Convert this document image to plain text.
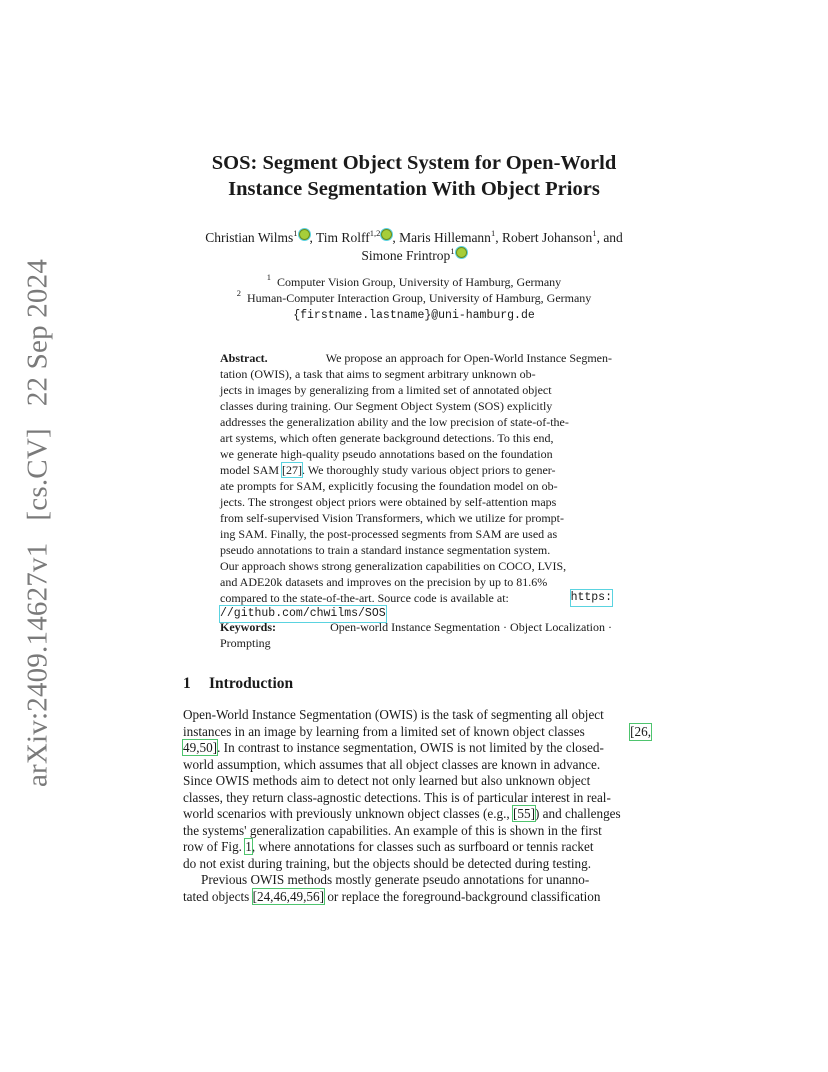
arXiv:2409.14627v1[cs.CV]22 Sep 2024
SOS: Segment Object System for Open-World
Instance Segmentation With Object Priors
Christian Wilms$^1$ , Tim Rolff$^{1,2}$ , Maris Hillemann$^1$, Robert Johanson$^1$, and
Simone Frintrop$^1$
$^1$ Computer Vision Group, University of Hamburg, Germany
$^2$ Human-Computer Interaction Group, University of Hamburg, Germany
{firstname.lastname}@uni-hamburg.de
Abstract.	We propose an approach for Open-World Instance Segmen-
tation (OWIS), a task that aims to segment arbitrary unknown ob-
jects in images by generalizing from a limited set of annotated object
classes during training. Our Segment Object System (SOS) explicitly
addresses the generalization ability and the low precision of state-of-the-
art systems, which often generate background detections. To this end,
we generate high-quality pseudo annotations based on the foundation
model SAM [27]. We thoroughly study various object priors to gener-
ate prompts for SAM, explicitly focusing the foundation model on ob-
jects. The strongest object priors were obtained by self-attention maps
from self-supervised Vision Transformers, which we utilize for prompt-
ing SAM. Finally, the post-processed segments from SAM are used as
pseudo annotations to train a standard instance segmentation system.
Our approach shows strong generalization capabilities on COCO, LVIS,
and ADE20k datasets and improves on the precision by up to 81.6%
compared to the state-of-the-art. Source code is available at:	https:
//github.com/chwilms/SOS
Keywords:	Open-world Instance Segmentation · Object Localization ·
Prompting
1 Introduction
Open-World Instance Segmentation (OWIS) is the task of segmenting all object
instances in an image by learning from a limited set of known object classes	[26,
49,50]. In contrast to instance segmentation, OWIS is not limited by the closed-
world assumption, which assumes that all object classes are known in advance.
Since OWIS methods aim to detect not only learned but also unknown object
classes, they return class-agnostic detections. This is of particular interest in real-
world scenarios with previously unknown object classes (e.g., [55]) and challenges
the systems' generalization capabilities. An example of this is shown in the first
row of Fig. 1, where annotations for classes such as surfboard or tennis racket
do not exist during training, but the objects should be detected during testing.
Previous OWIS methods mostly generate pseudo annotations for unanno-
tated objects [24,46,49,56] or replace the foreground-background classification
